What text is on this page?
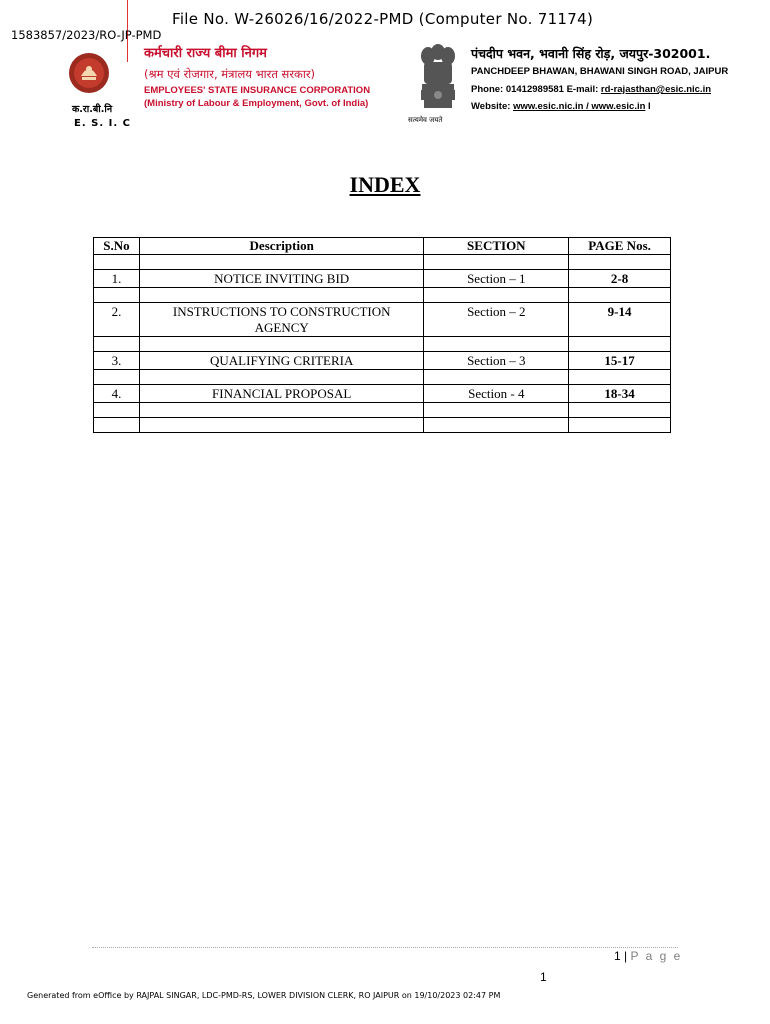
File No. W-26026/16/2022-PMD (Computer No. 71174)
1583857/2023/RO-JP-PMD
क.रा.बी.नि
E. S. I. C
कर्मचारी राज्य बीमा निगम
(श्रम एवं रोजगार, मंत्रालय भारत सरकार)
EMPLOYEES' STATE INSURANCE CORPORATION
(Ministry of Labour & Employment, Govt. of India)
सत्यमेव जयते
पंचदीप भवन, भवानी सिंह रोड़, जयपुर-302001.
PANCHDEEP BHAWAN, BHAWANI SINGH ROAD, JAIPUR
Phone: 01412989581 E-mail: rd-rajasthan@esic.nic.in
Website: www.esic.nic.in / www.esic.in I
INDEX
S.No	Description	SECTION	PAGE Nos.

1.	NOTICE INVITING BID	Section – 1	2-8

2.	INSTRUCTIONS TO CONSTRUCTION AGENCY	Section – 2	9-14

3.	QUALIFYING CRITERIA	Section – 3	15-17

4.	FINANCIAL PROPOSAL	Section - 4	18-34

1 | P a g e
1
Generated from eOffice by RAJPAL SINGAR, LDC-PMD-RS, LOWER DIVISION CLERK, RO JAIPUR on 19/10/2023 02:47 PM
